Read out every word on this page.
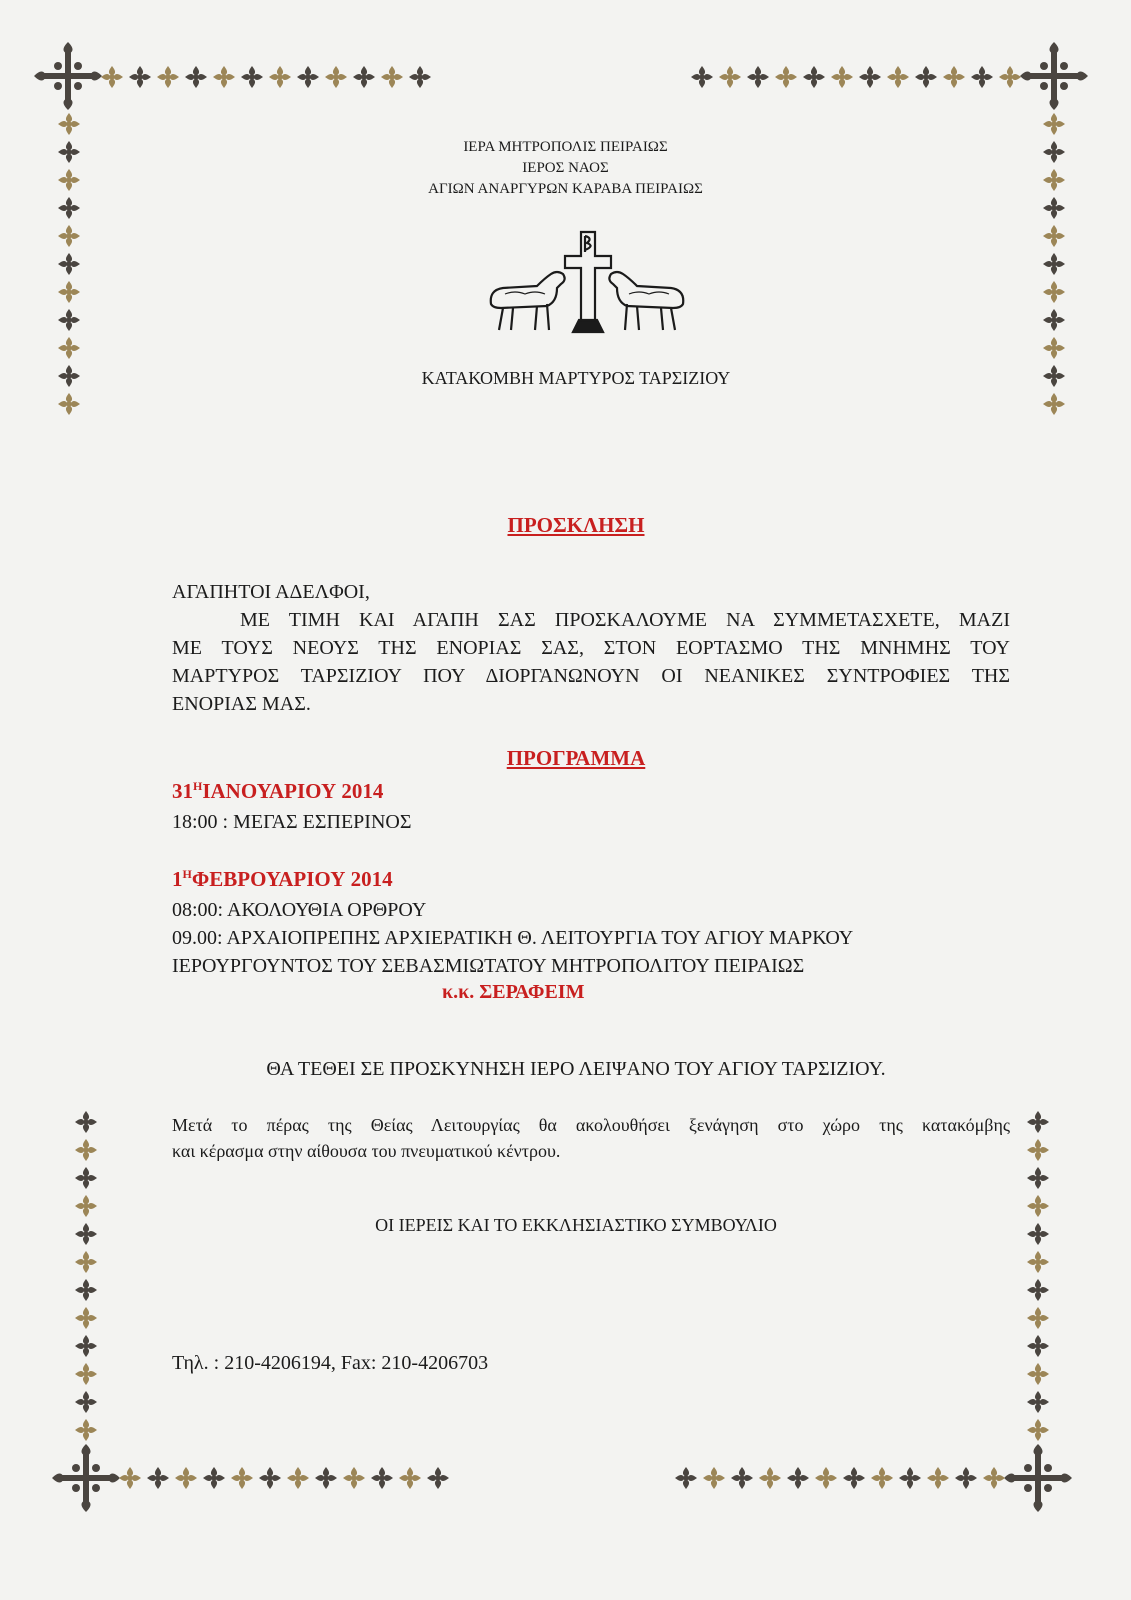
ΙΕΡΑ ΜΗΤΡΟΠΟΛΙΣ ΠΕΙΡΑΙΩΣ
ΙΕΡΟΣ ΝΑΟΣ
ΑΓΙΩΝ ΑΝΑΡΓΥΡΩΝ ΚΑΡΑΒΑ ΠΕΙΡΑΙΩΣ
ΚΑΤΑΚΟΜΒΗ ΜΑΡΤΥΡΟΣ ΤΑΡΣΙΖΙΟΥ
ΠΡΟΣΚΛΗΣΗ
ΑΓΑΠΗΤΟΙ ΑΔΕΛΦΟΙ,
ΜΕ ΤΙΜΗ ΚΑΙ ΑΓΑΠΗ ΣΑΣ ΠΡΟΣΚΑΛΟΥΜΕ ΝΑ ΣΥΜΜΕΤΑΣΧΕΤΕ, ΜΑΖΙ
ΜΕ ΤΟΥΣ ΝΕΟΥΣ ΤΗΣ ΕΝΟΡΙΑΣ ΣΑΣ, ΣΤΟΝ ΕΟΡΤΑΣΜΟ ΤΗΣ ΜΝΗΜΗΣ ΤΟΥ
ΜΑΡΤΥΡΟΣ ΤΑΡΣΙΖΙΟΥ ΠΟΥ ΔΙΟΡΓΑΝΩΝΟΥΝ ΟΙ ΝΕΑΝΙΚΕΣ ΣΥΝΤΡΟΦΙΕΣ ΤΗΣ
ΕΝΟΡΙΑΣ ΜΑΣ.
ΠΡΟΓΡΑΜΜΑ
$31^HIANO\Upsilon APIO\Upsilon$ 2014
18:00 : ΜΕΓΑΣ ΕΣΠΕΡΙΝΟΣ
$1^H\Phi EBPO\Upsilon APIO\Upsilon$ 2014
08:00: ΑΚΟΛΟΥΘΙΑ ΟΡΘΡΟΥ
09.00: ΑΡΧΑΙΟΠΡΕΠΗΣ ΑΡΧΙΕΡΑΤΙΚΗ Θ. ΛΕΙΤΟΥΡΓΙΑ ΤΟΥ ΑΓΙΟΥ ΜΑΡΚΟΥ
ΙΕΡΟΥΡΓΟΥΝΤΟΣ ΤΟΥ ΣΕΒΑΣΜΙΩΤΑΤΟΥ ΜΗΤΡΟΠΟΛΙΤΟΥ ΠΕΙΡΑΙΩΣ
κ.κ. ΣΕΡΑΦΕΙΜ
ΘΑ ΤΕΘΕΙ ΣΕ ΠΡΟΣΚΥΝΗΣΗ ΙΕΡΟ ΛΕΙΨΑΝΟ ΤΟΥ ΑΓΙΟΥ ΤΑΡΣΙΖΙΟΥ.
Μετά το πέρας της Θείας Λειτουργίας θα ακολουθήσει ξενάγηση στο χώρο της κατακόμβης
και κέρασμα στην αίθουσα του πνευματικού κέντρου.
ΟΙ ΙΕΡΕΙΣ ΚΑΙ ΤΟ ΕΚΚΛΗΣΙΑΣΤΙΚΟ ΣΥΜΒΟΥΛΙΟ
Τηλ. : 210-4206194, Fax: 210-4206703
